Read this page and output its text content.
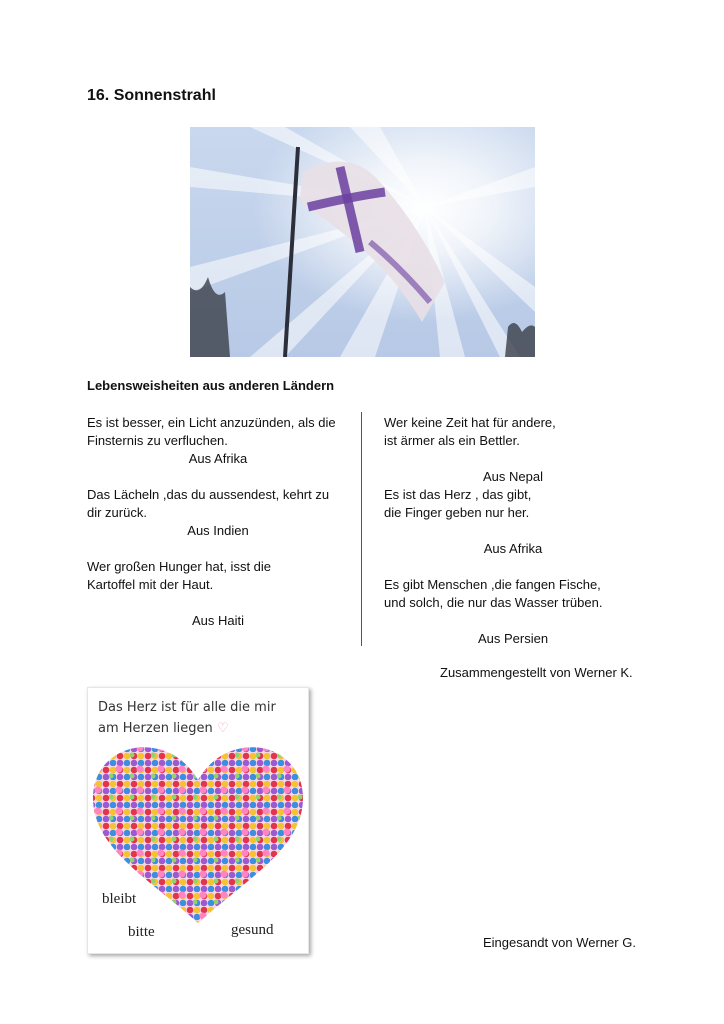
16. Sonnenstrahl
Lebensweisheiten aus anderen Ländern
Es ist besser, ein Licht anzuzünden, als die
Finsternis zu verfluchen.
Aus Afrika
Das Lächeln ,das du aussendest, kehrt zu
dir zurück.
Aus Indien
Wer großen Hunger hat, isst die
Kartoffel mit der Haut.
Aus Haiti
Wer keine Zeit hat für andere,
ist ärmer als ein Bettler.
Aus Nepal
Es ist das Herz , das gibt,
die Finger geben nur her.
Aus Afrika
Es gibt Menschen ,die fangen Fische,
und solch, die nur das Wasser trüben.
Aus Persien
Zusammengestellt von Werner K.
Das Herz ist für alle die mir
am Herzen liegen ♡
bleibt
bitte	gesund
Eingesandt von Werner G.
